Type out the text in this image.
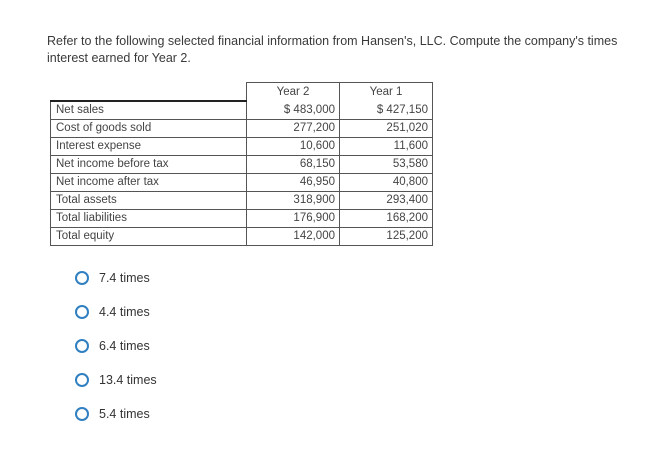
Refer to the following selected financial information from Hansen's, LLC. Compute the company's times interest earned for Year 2.
	Year 2	Year 1
Net sales	$ 483,000	$ 427,150
Cost of goods sold	277,200	251,020
Interest expense	10,600	11,600
Net income before tax	68,150	53,580
Net income after tax	46,950	40,800
Total assets	318,900	293,400
Total liabilities	176,900	168,200
Total equity	142,000	125,200
7.4 times
4.4 times
6.4 times
13.4 times
5.4 times
